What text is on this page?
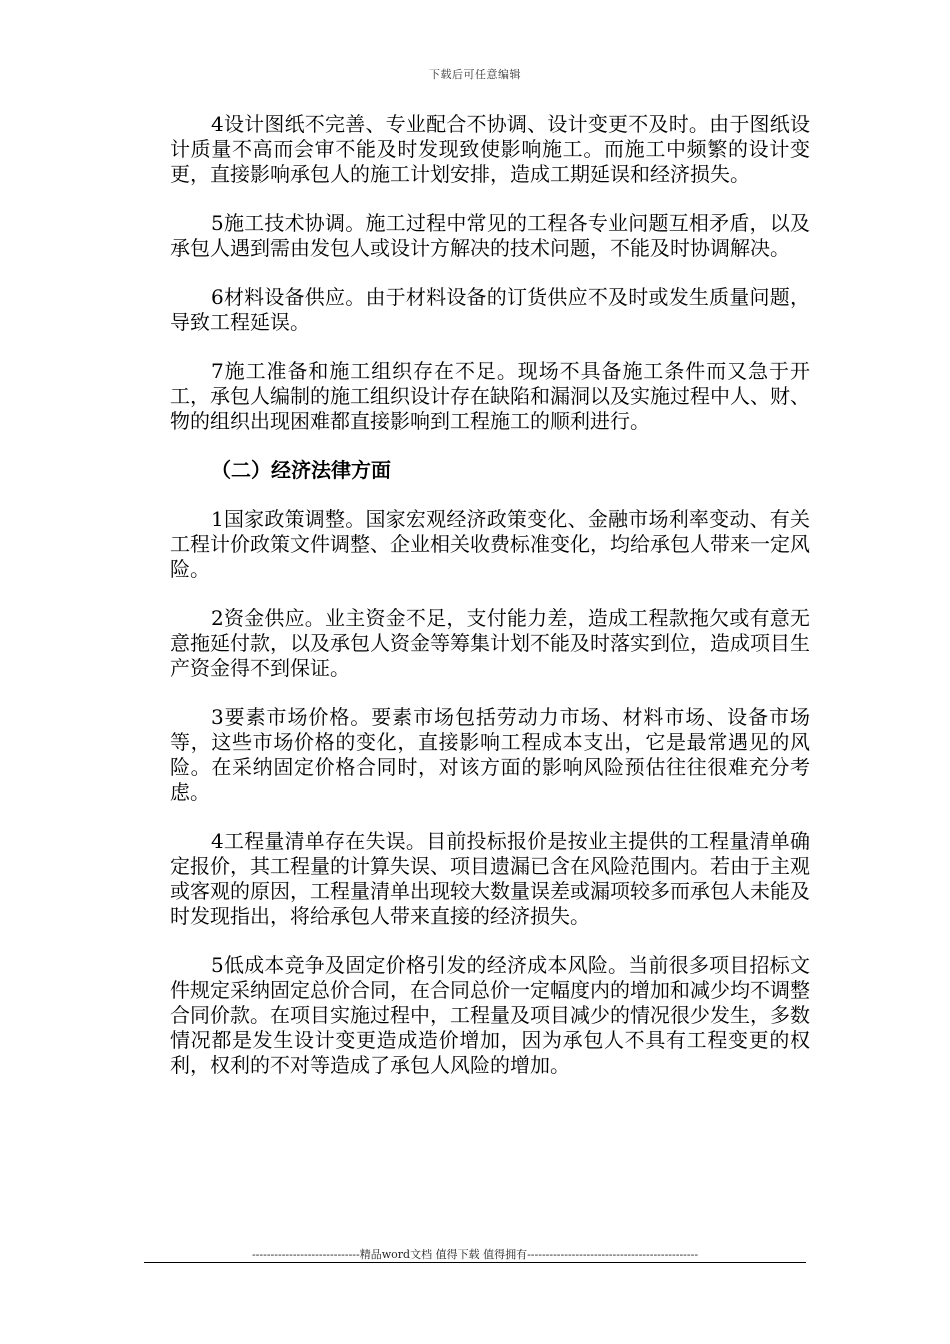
下载后可任意编辑

4设计图纸不完善、专业配合不协调、设计变更不及时。由于图纸设计质量不高而会审不能及时发现致使影响施工。而施工中频繁的设计变更，直接影响承包人的施工计划安排，造成工期延误和经济损失。

5施工技术协调。施工过程中常见的工程各专业问题互相矛盾，以及承包人遇到需由发包人或设计方解决的技术问题，不能及时协调解决。

6材料设备供应。由于材料设备的订货供应不及时或发生质量问题，导致工程延误。

7施工准备和施工组织存在不足。现场不具备施工条件而又急于开工，承包人编制的施工组织设计存在缺陷和漏洞以及实施过程中人、财、物的组织出现困难都直接影响到工程施工的顺利进行。

（二）经济法律方面

1国家政策调整。国家宏观经济政策变化、金融市场利率变动、有关工程计价政策文件调整、企业相关收费标准变化，均给承包人带来一定风险。

2资金供应。业主资金不足，支付能力差，造成工程款拖欠或有意无意拖延付款，以及承包人资金等筹集计划不能及时落实到位，造成项目生产资金得不到保证。

3要素市场价格。要素市场包括劳动力市场、材料市场、设备市场等，这些市场价格的变化，直接影响工程成本支出，它是最常遇见的风险。在采纳固定价格合同时，对该方面的影响风险预估往往很难充分考虑。

4工程量清单存在失误。目前投标报价是按业主提供的工程量清单确定报价，其工程量的计算失误、项目遗漏已含在风险范围内。若由于主观或客观的原因，工程量清单出现较大数量误差或漏项较多而承包人未能及时发现指出，将给承包人带来直接的经济损失。

5低成本竞争及固定价格引发的经济成本风险。当前很多项目招标文件规定采纳固定总价合同，在合同总价一定幅度内的增加和减少均不调整合同价款。在项目实施过程中，工程量及项目减少的情况很少发生，多数情况都是发生设计变更造成造价增加，因为承包人不具有工程变更的权利，权利的不对等造成了承包人风险的增加。

-----------------------------精品word文档 值得下载 值得拥有----------------------------------------------
